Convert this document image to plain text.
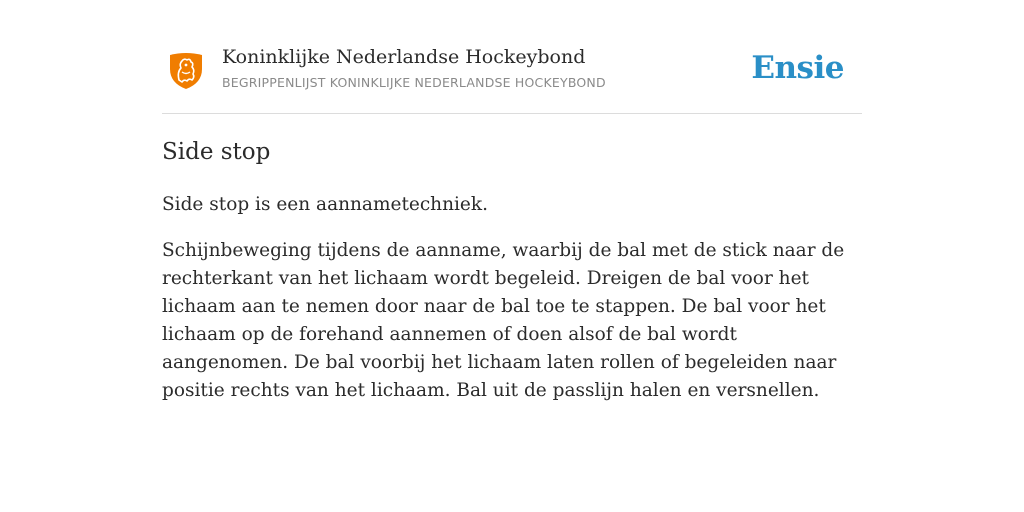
Koninklijke Nederlandse Hockeybond
BEGRIPPENLIJST KONINKLIJKE NEDERLANDSE HOCKEYBOND	Ensie
Side stop

Side stop is een aannametechniek.

Schijnbeweging tijdens de aanname, waarbij de bal met de stick naar de rechterkant van het lichaam wordt begeleid. Dreigen de bal voor het lichaam aan te nemen door naar de bal toe te stappen. De bal voor het lichaam op de forehand aannemen of doen alsof de bal wordt aangenomen. De bal voorbij het lichaam laten rollen of begeleiden naar positie rechts van het lichaam. Bal uit de passlijn halen en versnellen.
